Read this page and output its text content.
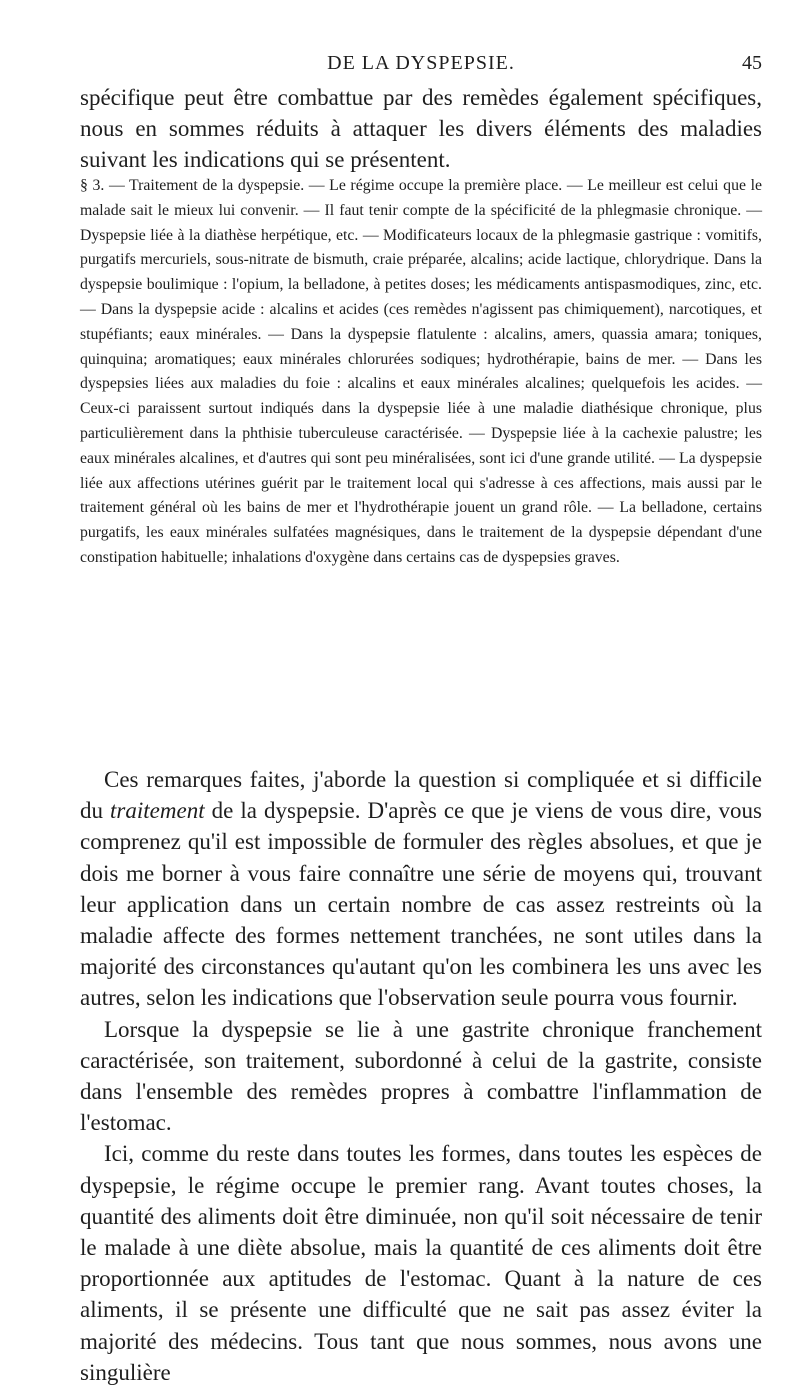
DE LA DYSPEPSIE.	45

spécifique peut être combattue par des remèdes également spécifiques, nous en sommes réduits à attaquer les divers éléments des maladies suivant les indications qui se présentent.

§ 3. — Traitement de la dyspepsie. — Le régime occupe la première place. — Le meilleur est celui que le malade sait le mieux lui convenir. — Il faut tenir compte de la spécificité de la phlegmasie chronique. — Dyspepsie liée à la diathèse herpétique, etc. — Modificateurs locaux de la phlegmasie gastrique : vomitifs, purgatifs mercuriels, sous-nitrate de bismuth, craie préparée, alcalins; acide lactique, chlorydrique. Dans la dyspepsie boulimique : l'opium, la belladone, à petites doses; les médicaments antispasmodiques, zinc, etc. — Dans la dyspepsie acide : alcalins et acides (ces remèdes n'agissent pas chimiquement), narcotiques, et stupéfiants; eaux minérales. — Dans la dyspepsie flatulente : alcalins, amers, quassia amara; toniques, quinquina; aromatiques; eaux minérales chlorurées sodiques; hydrothérapie, bains de mer. — Dans les dyspepsies liées aux maladies du foie : alcalins et eaux minérales alcalines; quelquefois les acides. — Ceux-ci paraissent surtout indiqués dans la dyspepsie liée à une maladie diathésique chronique, plus particulièrement dans la phthisie tuberculeuse caractérisée. — Dyspepsie liée à la cachexie palustre; les eaux minérales alcalines, et d'autres qui sont peu minéralisées, sont ici d'une grande utilité. — La dyspepsie liée aux affections utérines guérit par le traitement local qui s'adresse à ces affections, mais aussi par le traitement général où les bains de mer et l'hydrothérapie jouent un grand rôle. — La belladone, certains purgatifs, les eaux minérales sulfatées magnésiques, dans le traitement de la dyspepsie dépendant d'une constipation habituelle; inhalations d'oxygène dans certains cas de dyspepsies graves.

Ces remarques faites, j'aborde la question si compliquée et si difficile du traitement de la dyspepsie. D'après ce que je viens de vous dire, vous comprenez qu'il est impossible de formuler des règles absolues, et que je dois me borner à vous faire connaître une série de moyens qui, trouvant leur application dans un certain nombre de cas assez restreints où la maladie affecte des formes nettement tranchées, ne sont utiles dans la majorité des circonstances qu'autant qu'on les combinera les uns avec les autres, selon les indications que l'observation seule pourra vous fournir.

Lorsque la dyspepsie se lie à une gastrite chronique franchement caractérisée, son traitement, subordonné à celui de la gastrite, consiste dans l'ensemble des remèdes propres à combattre l'inflammation de l'estomac.

Ici, comme du reste dans toutes les formes, dans toutes les espèces de dyspepsie, le régime occupe le premier rang. Avant toutes choses, la quantité des aliments doit être diminuée, non qu'il soit nécessaire de tenir le malade à une diète absolue, mais la quantité de ces aliments doit être proportionnée aux aptitudes de l'estomac. Quant à la nature de ces aliments, il se présente une difficulté que ne sait pas assez éviter la majorité des médecins. Tous tant que nous sommes, nous avons une singulière
